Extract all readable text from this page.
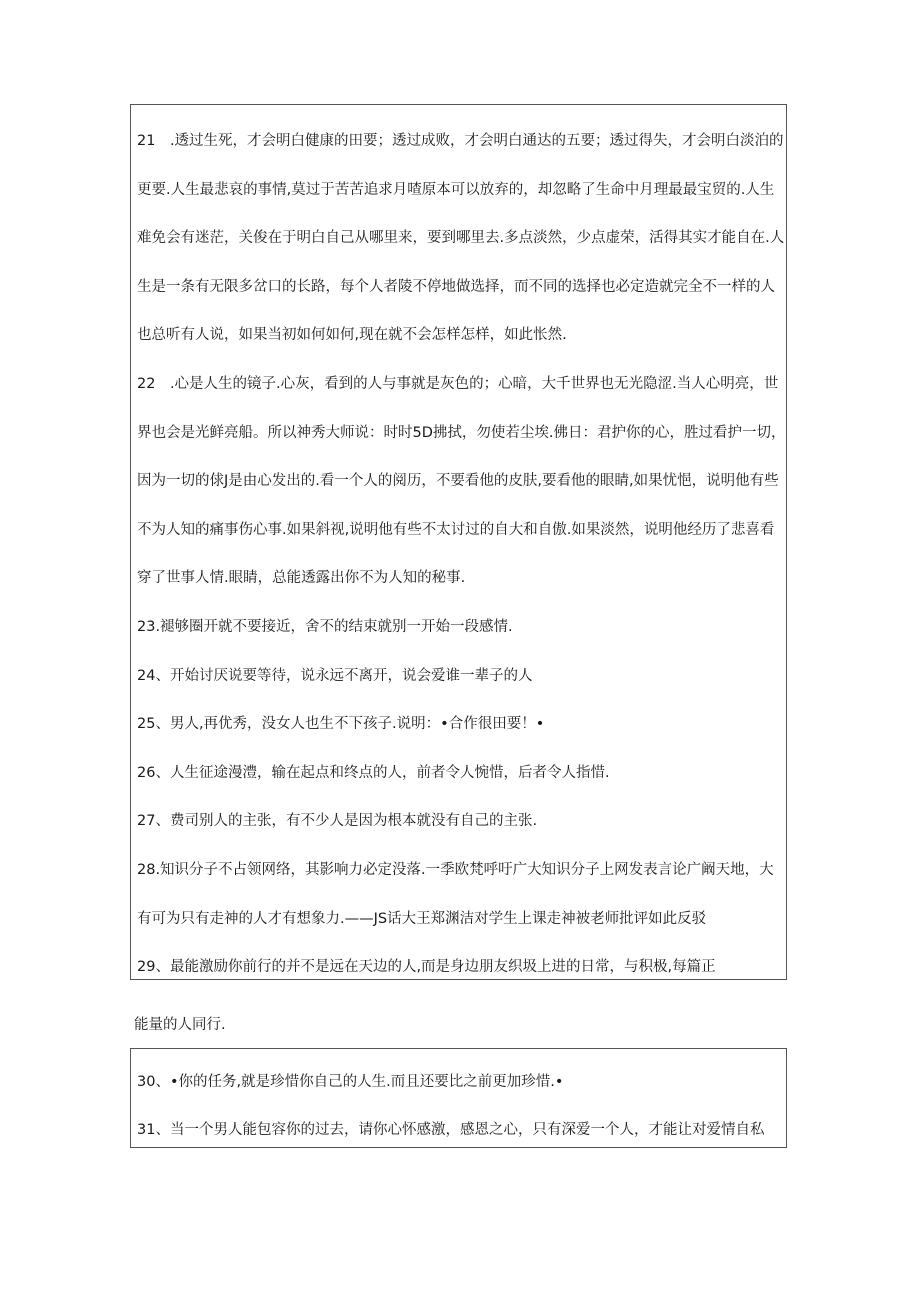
21　.透过生死，才会明白健康的田要；透过成败，才会明白通达的五要；透过得失，才会明白淡泊的
更要.人生最悲哀的事情,莫过于苦苦追求月喳原本可以放弃的，却忽略了生命中月理最最宝贸的.人生
难免会有迷茫，关俊在于明白自己从哪里来，要到哪里去.多点淡然，少点虚荣，活得其实才能自在.人
生是一条有无限多岔口的长路，每个人者陵不停地做选择，而不同的选择也必定造就完全不一样的人
也总听有人说，如果当初如何如何,现在就不会怎样怎样，如此怅然.
22　.心是人生的镜子.心灰，看到的人与事就是灰色的；心暗，大千世界也无光隐涩.当人心明亮，世
界也会是光鲜亮船。所以神秀大师说：时时5D拂拭，勿使若尘埃.佛日：君护你的心，胜过看护一切，
因为一切的俅J是由心发出的.看一个人的阅历，不要看他的皮肤,要看他的眼睛,如果忧悒，说明他有些
不为人知的痛事伤心事.如果斜视,说明他有些不太讨过的自大和自傲.如果淡然，说明他经历了悲喜看
穿了世事人情.眼睛，总能透露出你不为人知的秘事.
23.褪够圈开就不要接近，舍不的结束就别一开始一段感情.
24、开始讨厌说要等待，说永远不离开，说会爱谁一辈子的人
25、男人,再优秀，没女人也生不下孩子.说明：•合作很田要！•
26、人生征途漫澧，输在起点和终点的人，前者令人惋惜，后者令人指惜.
27、费司别人的主张，有不少人是因为根本就没有自己的主张.
28.知识分子不占领网络，其影响力必定没落.一季欧梵呼吁广大知识分子上网发表言论广阚天地，大
有可为只有走神的人才有想象力.——JS话大王郑渊洁对学生上课走神被老师批评如此反驳
29、最能激励你前行的并不是远在天边的人,而是身边朋友织圾上进的日常，与积极,每篇正
能量的人同行.
30、•你的任务,就是珍惜你自己的人生.而且还要比之前更加珍惜.•
31、当一个男人能包容你的过去，请你心怀感激，感恩之心，只有深爱一个人，才能让对爱情自私
